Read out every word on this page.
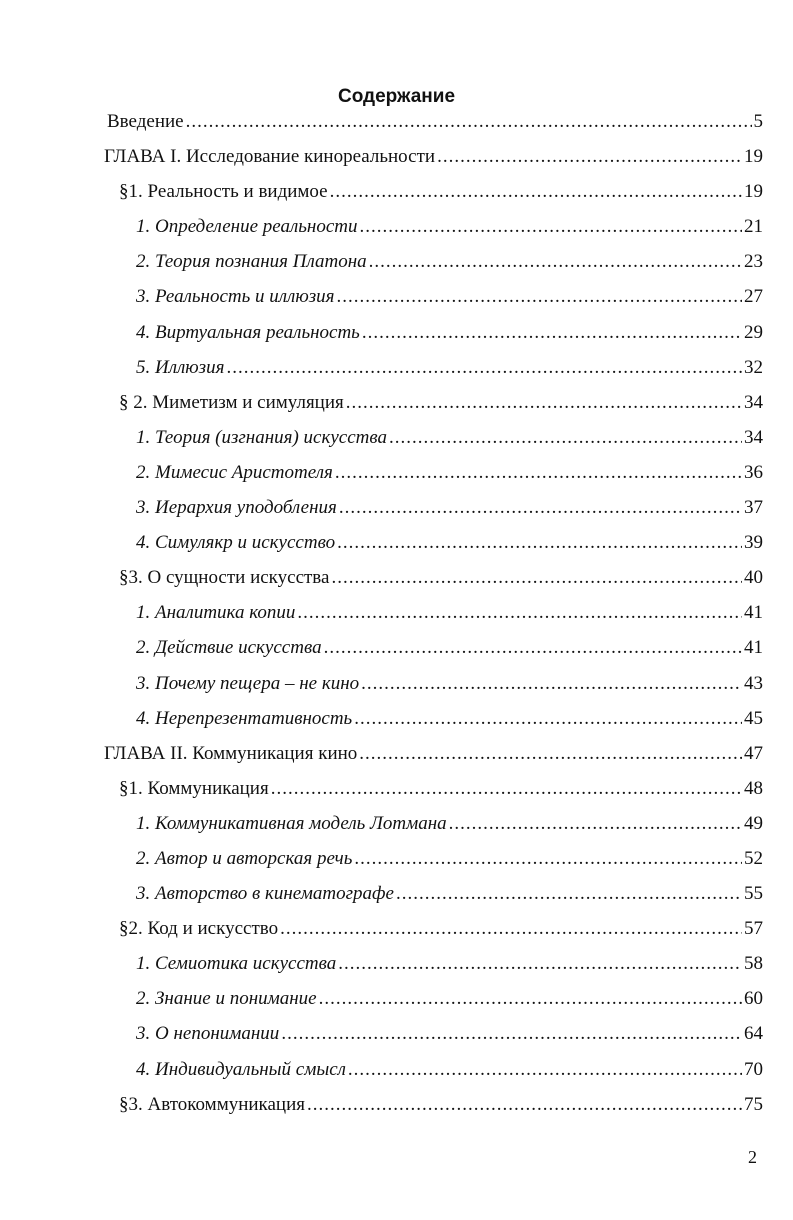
Содержание
Введение .....	5
ГЛАВА I. Исследование кинореальности .....	19
§1. Реальность и видимое .....	19
1. Определение реальности .....	21
2. Теория познания Платона .....	23
3. Реальность и иллюзия .....	27
4. Виртуальная реальность .....	29
5. Иллюзия .....	32
§ 2. Миметизм и симуляция .....	34
1. Теория (изгнания) искусства .....	34
2. Мимесис Аристотеля .....	36
3. Иерархия уподобления .....	37
4. Симулякр и искусство .....	39
§3. О сущности искусства .....	40
1. Аналитика копии .....	41
2. Действие искусства .....	41
3. Почему пещера – не кино .....	43
4. Нерепрезентативность .....	45
ГЛАВА II. Коммуникация кино .....	47
§1. Коммуникация .....	48
1. Коммуникативная модель Лотмана .....	49
2. Автор и авторская речь .....	52
3. Авторство в кинематографе .....	55
§2. Код и искусство .....	57
1. Семиотика искусства .....	58
2. Знание и понимание .....	60
3. О непонимании .....	64
4. Индивидуальный смысл .....	70
§3. Автокоммуникация .....	75
2
